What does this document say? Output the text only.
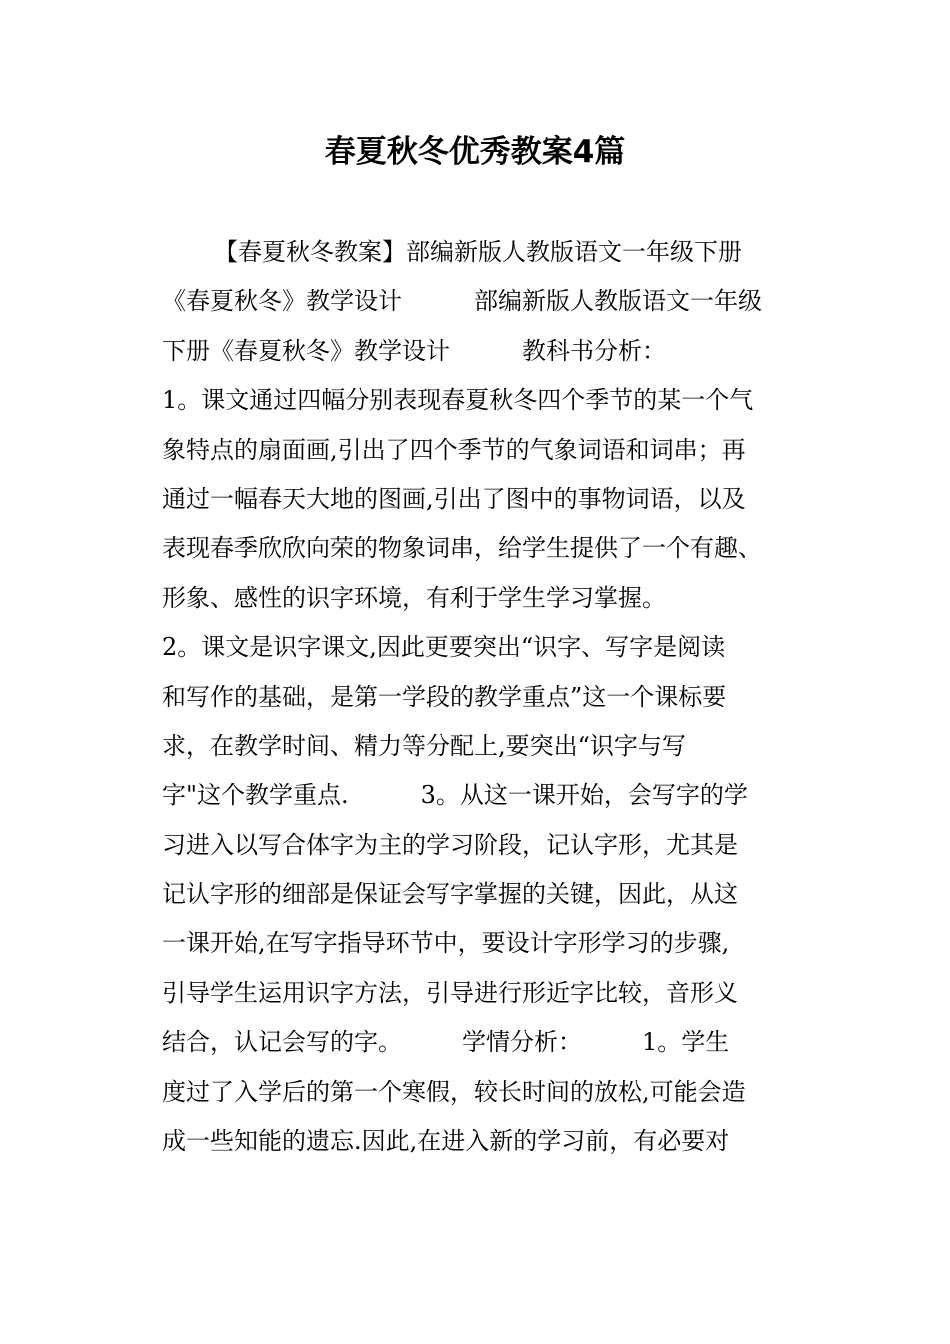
春夏秋冬优秀教案4篇
【春夏秋冬教案】部编新版人教版语文一年级下册
《春夏秋冬》教学设计　　　部编新版人教版语文一年级
下册《春夏秋冬》教学设计　　　教科书分析：
1。课文通过四幅分别表现春夏秋冬四个季节的某一个气
象特点的扇面画,引出了四个季节的气象词语和词串；再
通过一幅春天大地的图画,引出了图中的事物词语，以及
表现春季欣欣向荣的物象词串，给学生提供了一个有趣、
形象、感性的识字环境，有利于学生学习掌握。
2。课文是识字课文,因此更要突出“识字、写字是阅读
和写作的基础，是第一学段的教学重点”这一个课标要
求，在教学时间、精力等分配上,要突出“识字与写
字"这个教学重点.　　　3。从这一课开始，会写字的学
习进入以写合体字为主的学习阶段，记认字形，尤其是
记认字形的细部是保证会写字掌握的关键，因此，从这
一课开始,在写字指导环节中，要设计字形学习的步骤,
引导学生运用识字方法，引导进行形近字比较，音形义
结合，认记会写的字。　　　学情分析：　　　1。学生
度过了入学后的第一个寒假，较长时间的放松,可能会造
成一些知能的遗忘.因此,在进入新的学习前，有必要对
